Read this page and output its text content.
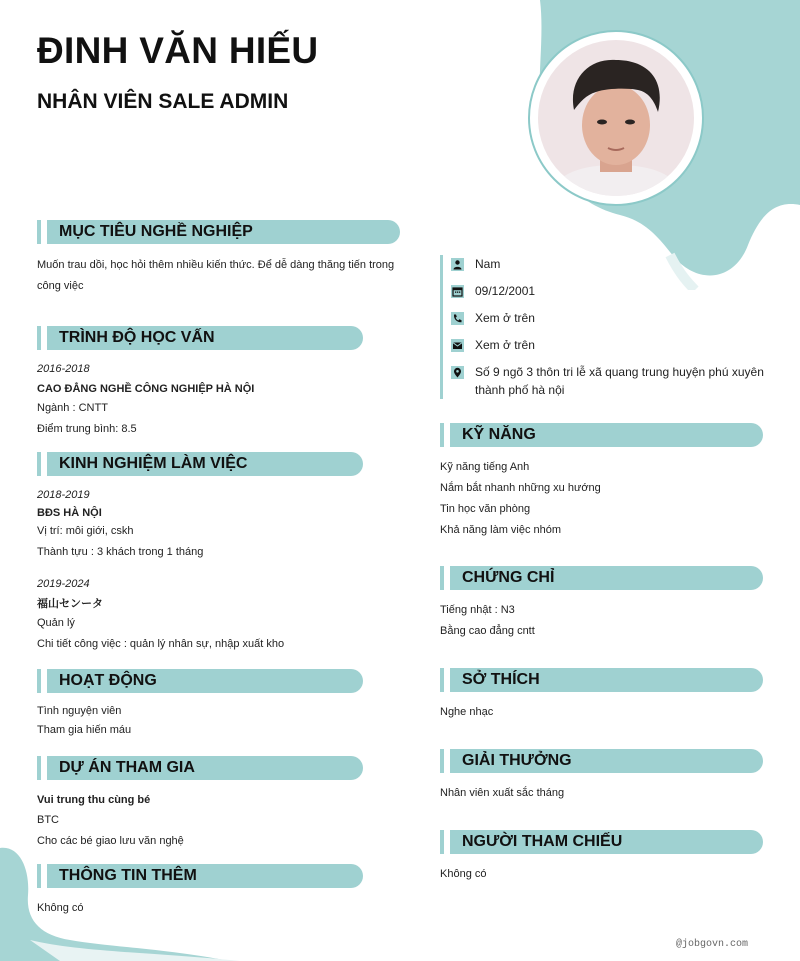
ĐINH VĂN HIẾU
NHÂN VIÊN SALE ADMIN
MỤC TIÊU NGHỀ NGHIỆP
Muốn trau dồi, học hỏi thêm nhiều kiến thức. Để dễ dàng thăng tiến trong công việc
TRÌNH ĐỘ HỌC VẤN
2016-2018
CAO ĐẲNG NGHỀ CÔNG NGHIỆP HÀ NỘI
Ngành : CNTT
Điểm trung bình: 8.5
KINH NGHIỆM LÀM VIỆC
2018-2019
BĐS HÀ NỘI
Vị trí: môi giới, cskh
Thành tựu : 3 khách trong 1 tháng
2019-2024
福山センータ
Quản lý
Chi tiết công việc : quản lý nhân sự, nhập xuất kho
HOẠT ĐỘNG
Tình nguyện viên
Tham gia hiến máu
DỰ ÁN THAM GIA
Vui trung thu cùng bé
BTC
Cho các bé giao lưu văn nghệ
THÔNG TIN THÊM
Không có
Nam
09/12/2001
Xem ở trên
Xem ở trên
Số 9 ngõ 3 thôn tri lễ xã quang trung huyện phú xuyên thành phố hà nội
KỸ NĂNG
Kỹ năng tiếng Anh
Nắm bắt nhanh những xu hướng
Tin học văn phòng
Khả năng làm việc nhóm
CHỨNG CHỈ
Tiếng nhật : N3
Bằng cao đẳng cntt
SỞ THÍCH
Nghe nhạc
GIẢI THƯỞNG
Nhân viên xuất sắc tháng
NGƯỜI THAM CHIẾU
Không có
@jobgovn.com
